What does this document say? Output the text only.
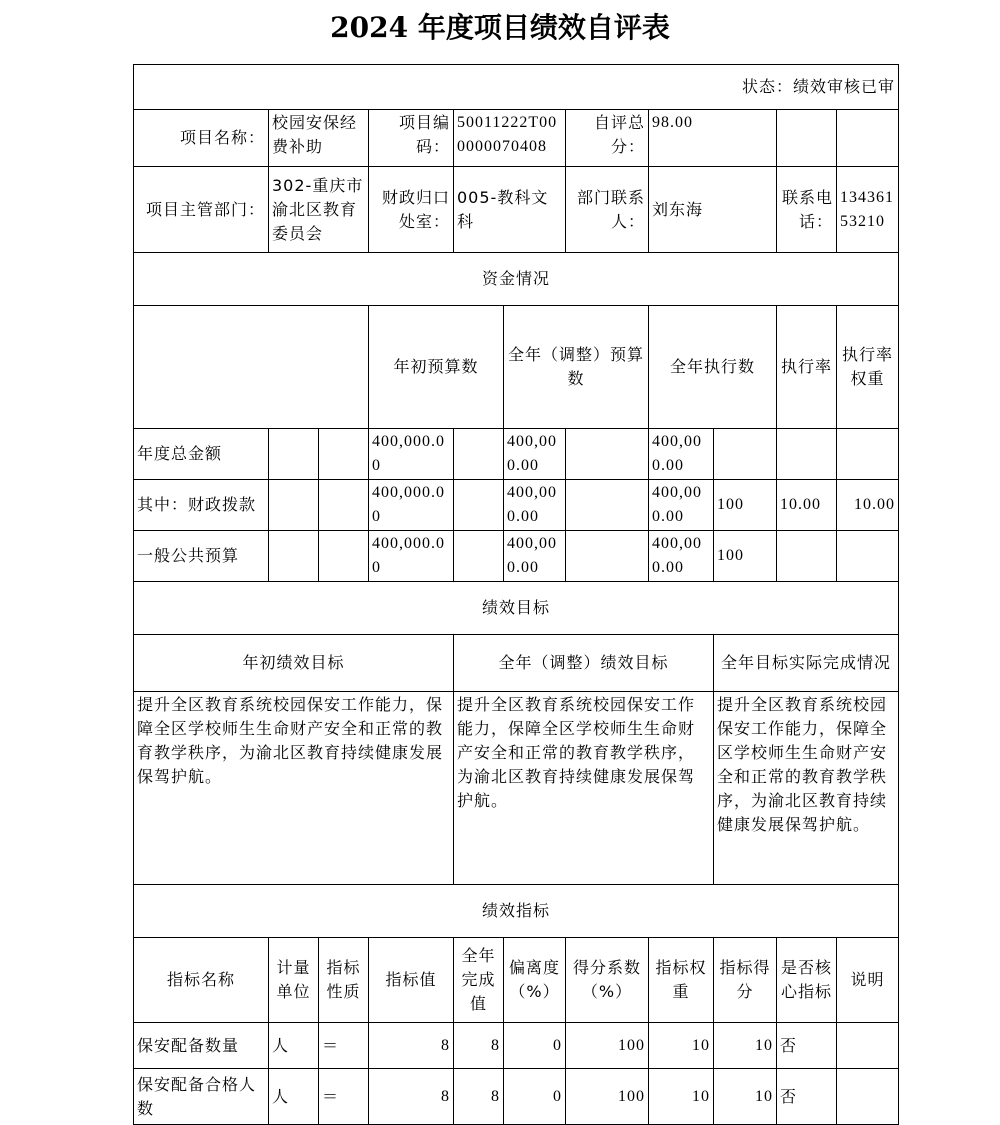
2024 年度项目绩效自评表
状态：绩效审核已审											
项目名称：	校园安保经费补助		项目编码：	50011222T000000070408		自评总分：	98.00				
项目主管部门：	302-重庆市渝北区教育委员会		财政归口处室：	005-教科文科		部门联系人：	刘东海		联系电话：	13436153210	
资金情况											
			年初预算数		全年（调整）预算数		全年执行数		执行率	执行率权重	
年度总金额			400,000.00		400,000.00		400,000.00				
其中：财政拨款			400,000.00		400,000.00		400,000.00	100	10.00	10.00	
一般公共预算			400,000.00		400,000.00		400,000.00	100			
绩效目标											
年初绩效目标				全年（调整）绩效目标				全年目标实际完成情况			
提升全区教育系统校园保安工作能力，保障全区学校师生生命财产安全和正常的教育教学秩序，为渝北区教育持续健康发展保驾护航。				提升全区教育系统校园保安工作能力，保障全区学校师生生命财产安全和正常的教育教学秩序，为渝北区教育持续健康发展保驾护航。				提升全区教育系统校园保安工作能力，保障全区学校师生生命财产安全和正常的教育教学秩序，为渝北区教育持续健康发展保驾护航。			
绩效指标											
指标名称	计量单位	指标性质	指标值	全年完成值	偏离度（%）	得分系数（%）	指标权重	指标得分	是否核心指标	说明	
保安配备数量	人	＝	8	8	0	100	10	10	否		
保安配备合格人数	人	＝	8	8	0	100	10	10	否		
